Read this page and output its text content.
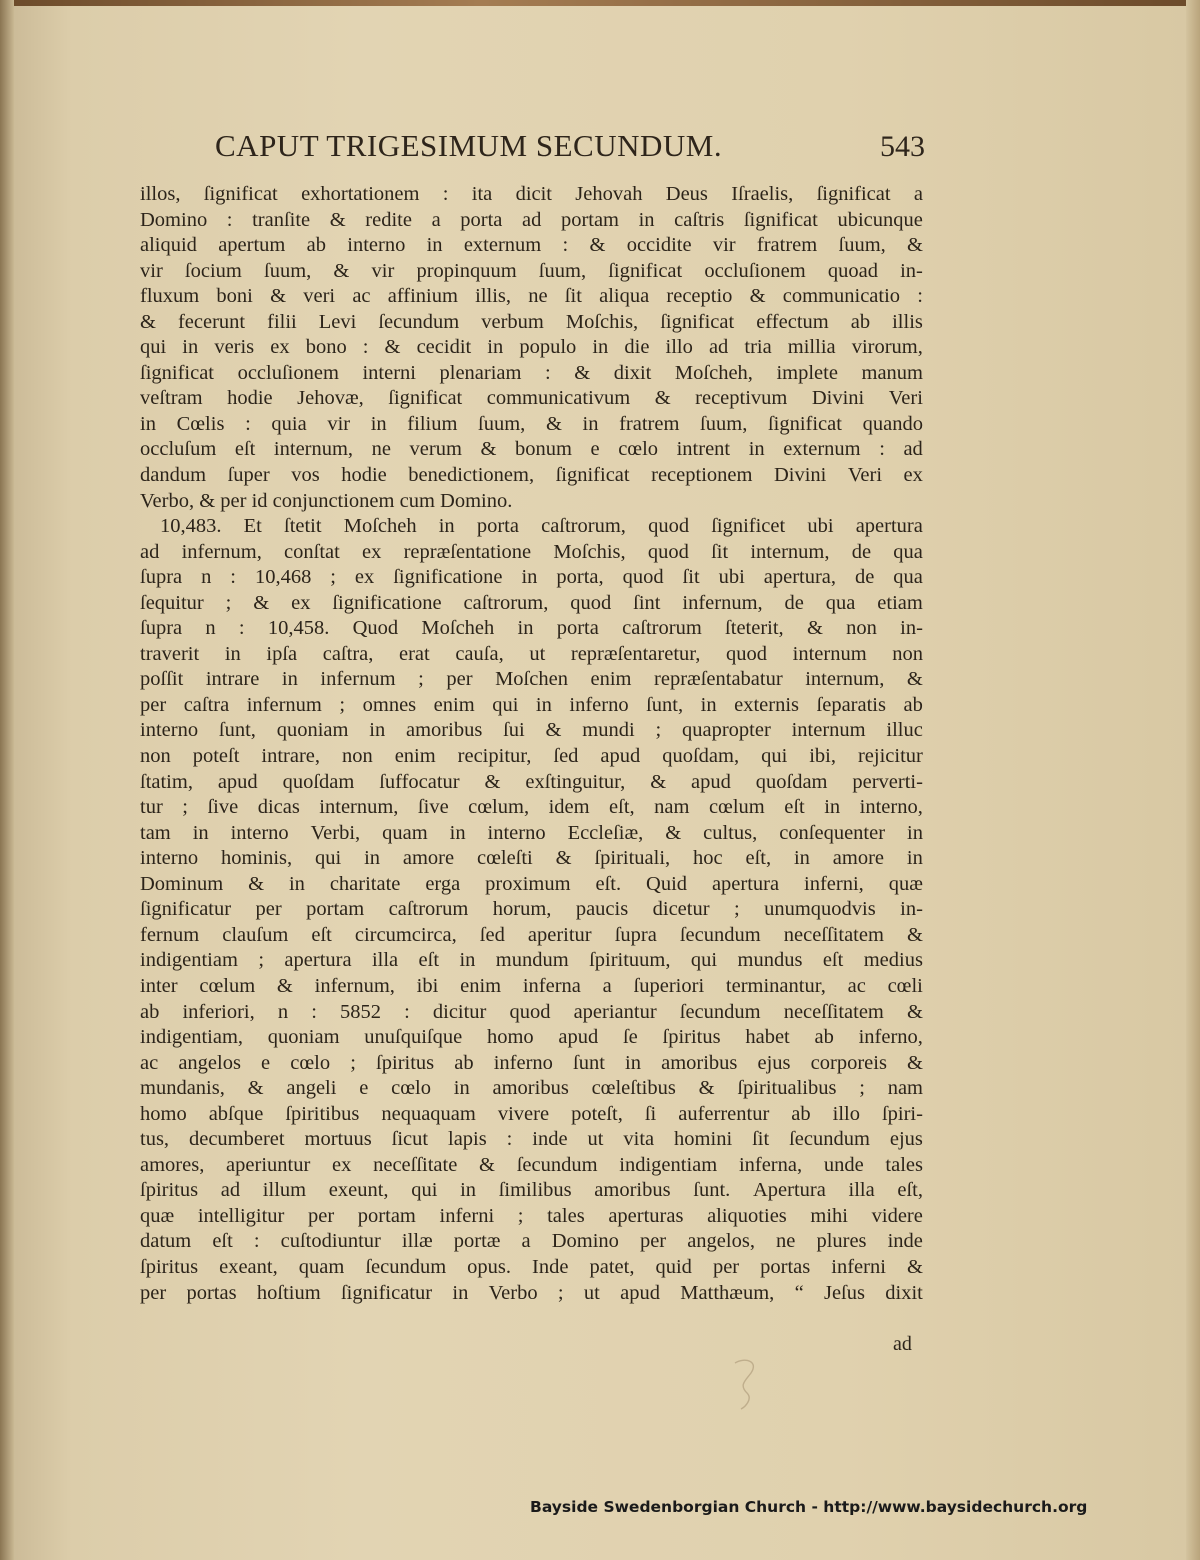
CAPUT TRIGESIMUM SECUNDUM.	543
illos, ſignificat exhortationem : ita dicit Jehovah Deus Iſraelis, ſignificat a
Domino : tranſite & redite a porta ad portam in caſtris ſignificat ubicunque
aliquid apertum ab interno in externum : & occidite vir fratrem ſuum, &
vir ſocium ſuum, & vir propinquum ſuum, ſignificat occluſionem quoad in-
fluxum boni & veri ac affinium illis, ne ſit aliqua receptio & communicatio :
& fecerunt filii Levi ſecundum verbum Moſchis, ſignificat effectum ab illis
qui in veris ex bono : & cecidit in populo in die illo ad tria millia virorum,
ſignificat occluſionem interni plenariam : & dixit Moſcheh, implete manum
veſtram hodie Jehovæ, ſignificat communicativum & receptivum Divini Veri
in Cœlis : quia vir in filium ſuum, & in fratrem ſuum, ſignificat quando
occluſum eſt internum, ne verum & bonum e cœlo intrent in externum : ad
dandum ſuper vos hodie benedictionem, ſignificat receptionem Divini Veri ex
Verbo, & per id conjunctionem cum Domino.
10,483. Et ſtetit Moſcheh in porta caſtrorum, quod ſignificet ubi apertura
ad infernum, conſtat ex repræſentatione Moſchis, quod ſit internum, de qua
ſupra n : 10,468 ; ex ſignificatione in porta, quod ſit ubi apertura, de qua
ſequitur ; & ex ſignificatione caſtrorum, quod ſint infernum, de qua etiam
ſupra n : 10,458. Quod Moſcheh in porta caſtrorum ſteterit, & non in-
traverit in ipſa caſtra, erat cauſa, ut repræſentaretur, quod internum non
poſſit intrare in infernum ; per Moſchen enim repræſentabatur internum, &
per caſtra infernum ; omnes enim qui in inferno ſunt, in externis ſeparatis ab
interno ſunt, quoniam in amoribus ſui & mundi ; quapropter internum illuc
non poteſt intrare, non enim recipitur, ſed apud quoſdam, qui ibi, rejicitur
ſtatim, apud quoſdam ſuffocatur & exſtinguitur, & apud quoſdam perverti-
tur ; ſive dicas internum, ſive cœlum, idem eſt, nam cœlum eſt in interno,
tam in interno Verbi, quam in interno Eccleſiæ, & cultus, conſequenter in
interno hominis, qui in amore cœleſti & ſpirituali, hoc eſt, in amore in
Dominum & in charitate erga proximum eſt. Quid apertura inferni, quæ
ſignificatur per portam caſtrorum horum, paucis dicetur ; unumquodvis in-
fernum clauſum eſt circumcirca, ſed aperitur ſupra ſecundum neceſſitatem &
indigentiam ; apertura illa eſt in mundum ſpirituum, qui mundus eſt medius
inter cœlum & infernum, ibi enim inferna a ſuperiori terminantur, ac cœli
ab inferiori, n : 5852 : dicitur quod aperiantur ſecundum neceſſitatem &
indigentiam, quoniam unuſquiſque homo apud ſe ſpiritus habet ab inferno,
ac angelos e cœlo ; ſpiritus ab inferno ſunt in amoribus ejus corporeis &
mundanis, & angeli e cœlo in amoribus cœleſtibus & ſpiritualibus ; nam
homo abſque ſpiritibus nequaquam vivere poteſt, ſi auferrentur ab illo ſpiri-
tus, decumberet mortuus ſicut lapis : inde ut vita homini ſit ſecundum ejus
amores, aperiuntur ex neceſſitate & ſecundum indigentiam inferna, unde tales
ſpiritus ad illum exeunt, qui in ſimilibus amoribus ſunt. Apertura illa eſt,
quæ intelligitur per portam inferni ; tales aperturas aliquoties mihi videre
datum eſt : cuſtodiuntur illæ portæ a Domino per angelos, ne plures inde
ſpiritus exeant, quam ſecundum opus. Inde patet, quid per portas inferni &
per portas hoſtium ſignificatur in Verbo ; ut apud Matthæum, “ Jeſus dixit
ad
Bayside Swedenborgian Church - http://www.baysidechurch.org
